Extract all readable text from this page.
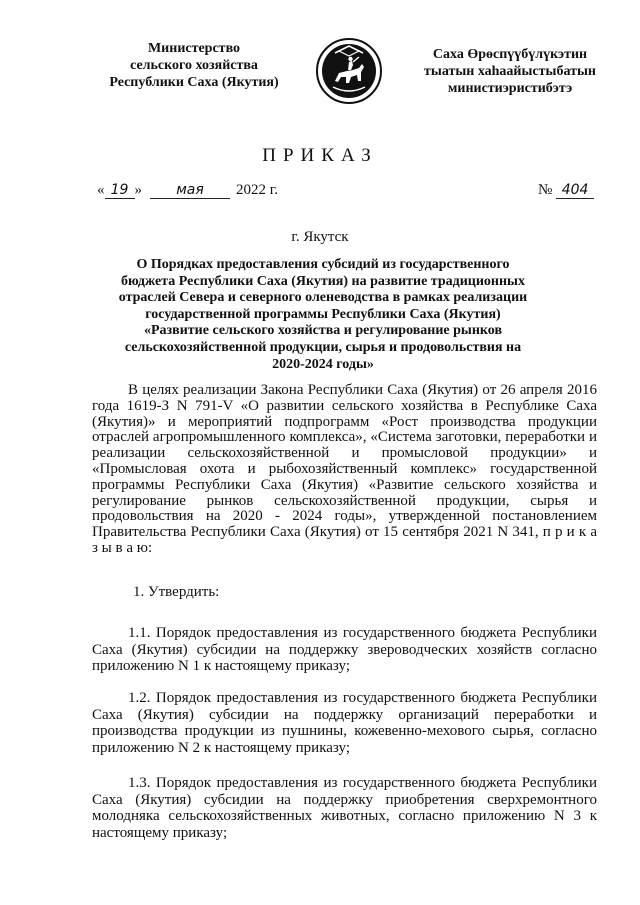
Министерство
сельского хозяйства
Республики Саха (Якутия)
Саха Өрөспүүбүлүкэтин
тыатын хаһаайыстыбатын
министиэристибэтэ
ПРИКАЗ
« 19 » мая 2022 г.	№ 404
г. Якутск
О Порядках предоставления субсидий из государственного бюджета Республики Саха (Якутия) на развитие традиционных отраслей Севера и северного оленеводства в рамках реализации государственной программы Республики Саха (Якутия) «Развитие сельского хозяйства и регулирование рынков сельскохозяйственной продукции, сырья и продовольствия на 2020-2024 годы»

В целях реализации Закона Республики Саха (Якутия) от 26 апреля 2016 года 1619-З N 791-V «О развитии сельского хозяйства в Республике Саха (Якутия)» и мероприятий подпрограмм «Рост производства продукции отраслей агропромышленного комплекса», «Система заготовки, переработки и реализации сельскохозяйственной и промысловой продукции» и «Промысловая охота и рыбохозяйственный комплекс» государственной программы Республики Саха (Якутия) «Развитие сельского хозяйства и регулирование рынков сельскохозяйственной продукции, сырья и продовольствия на 2020 - 2024 годы», утвержденной постановлением Правительства Республики Саха (Якутия) от 15 сентября 2021 N 341, п р и к а з ы в а ю:

1. Утвердить:

1.1. Порядок предоставления из государственного бюджета Республики Саха (Якутия) субсидии на поддержку звероводческих хозяйств согласно приложению N 1 к настоящему приказу;

1.2. Порядок предоставления из государственного бюджета Республики Саха (Якутия) субсидии на поддержку организаций переработки и производства продукции из пушнины, кожевенно-мехового сырья, согласно приложению N 2 к настоящему приказу;

1.3. Порядок предоставления из государственного бюджета Республики Саха (Якутия) субсидии на поддержку приобретения сверхремонтного молодняка сельскохозяйственных животных, согласно приложению N 3 к настоящему приказу;
